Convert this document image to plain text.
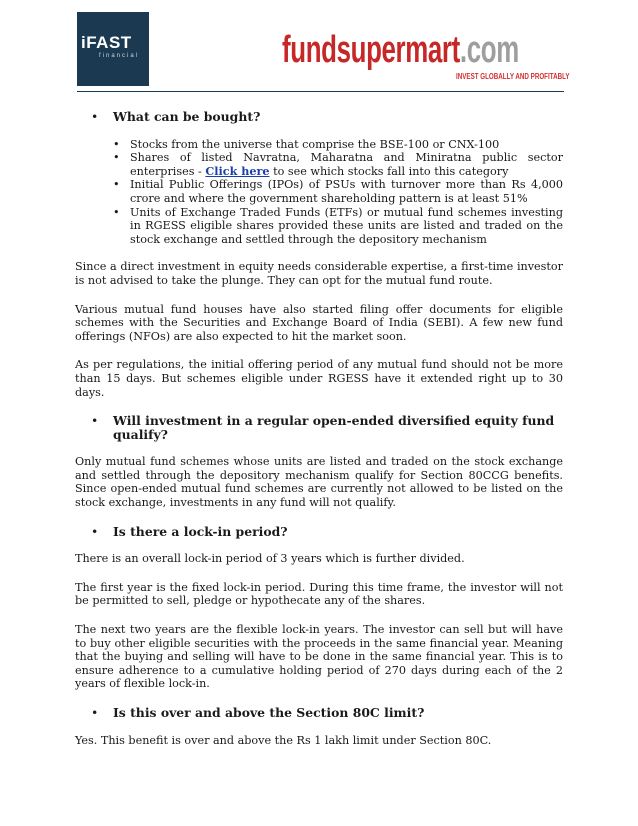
iFAST
financial	fundsupermart.com
INVEST GLOBALLY AND PROFITABLY
• What can be bought?
• Stocks from the universe that comprise the BSE-100 or CNX-100
• Shares of listed Navratna, Maharatna and Miniratna public sector enterprises - Click here to see which stocks fall into this category
• Initial Public Offerings (IPOs) of PSUs with turnover more than Rs 4,000 crore and where the government shareholding pattern is at least 51%
• Units of Exchange Traded Funds (ETFs) or mutual fund schemes investing in RGESS eligible shares provided these units are listed and traded on the stock exchange and settled through the depository mechanism

Since a direct investment in equity needs considerable expertise, a first-time investor is not advised to take the plunge. They can opt for the mutual fund route.

Various mutual fund houses have also started filing offer documents for eligible schemes with the Securities and Exchange Board of India (SEBI). A few new fund offerings (NFOs) are also expected to hit the market soon.

As per regulations, the initial offering period of any mutual fund should not be more than 15 days. But schemes eligible under RGESS have it extended right up to 30 days.

• Will investment in a regular open-ended diversified equity fund qualify?

Only mutual fund schemes whose units are listed and traded on the stock exchange and settled through the depository mechanism qualify for Section 80CCG benefits. Since open-ended mutual fund schemes are currently not allowed to be listed on the stock exchange, investments in any fund will not qualify.

• Is there a lock-in period?

There is an overall lock-in period of 3 years which is further divided.

The first year is the fixed lock-in period. During this time frame, the investor will not be permitted to sell, pledge or hypothecate any of the shares.

The next two years are the flexible lock-in years. The investor can sell but will have to buy other eligible securities with the proceeds in the same financial year. Meaning that the buying and selling will have to be done in the same financial year. This is to ensure adherence to a cumulative holding period of 270 days during each of the 2 years of flexible lock-in.

• Is this over and above the Section 80C limit?

Yes. This benefit is over and above the Rs 1 lakh limit under Section 80C.
